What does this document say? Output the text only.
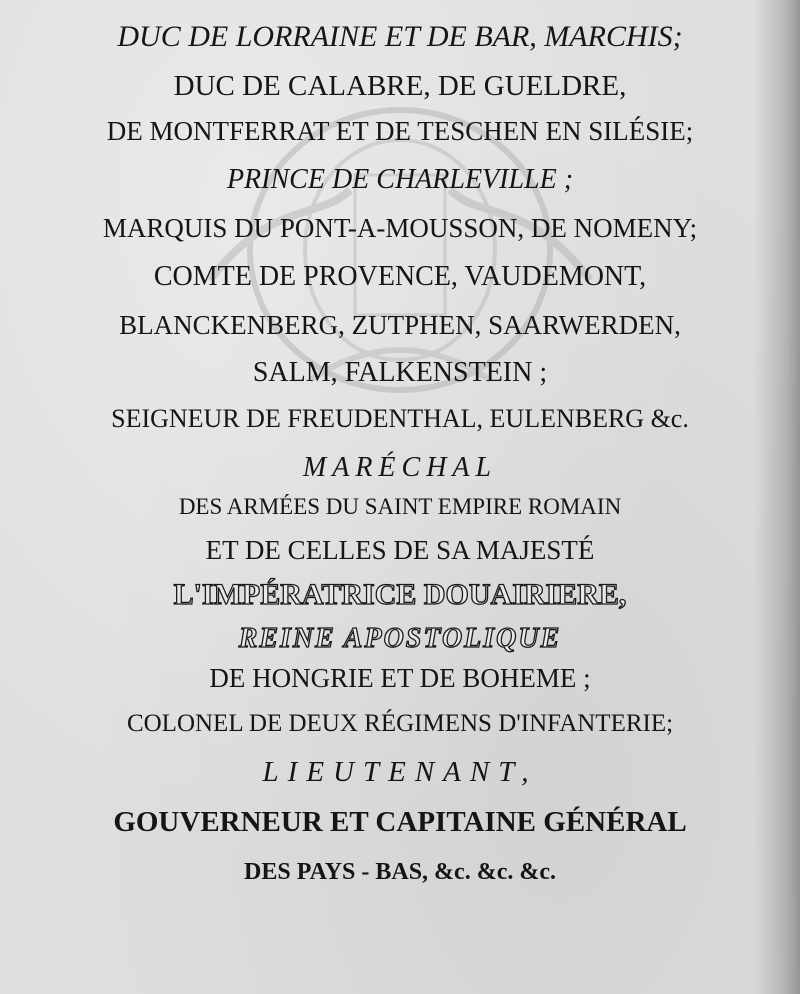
DUC DE LORRAINE ET DE BAR, MARCHIS;
DUC DE CALABRE, DE GUELDRE,
DE MONTFERRAT ET DE TESCHEN EN SILÉSIE;
PRINCE DE CHARLEVILLE ;
MARQUIS DU PONT-A-MOUSSON, DE NOMENY;
COMTE DE PROVENCE, VAUDEMONT,
BLANCKENBERG, ZUTPHEN, SAARWERDEN,
SALM, FALKENSTEIN ;
SEIGNEUR DE FREUDENTHAL, EULENBERG &c.
MARÉCHAL
DES ARMÉES DU SAINT EMPIRE ROMAIN
ET DE CELLES DE SA MAJESTÉ
L'IMPÉRATRICE DOUAIRIERE,
REINE APOSTOLIQUE
DE HONGRIE ET DE BOHEME ;
COLONEL DE DEUX RÉGIMENS D'INFANTERIE;
LIEUTENANT,
GOUVERNEUR ET CAPITAINE GÉNÉRAL
DES PAYS - BAS, &c. &c. &c.
